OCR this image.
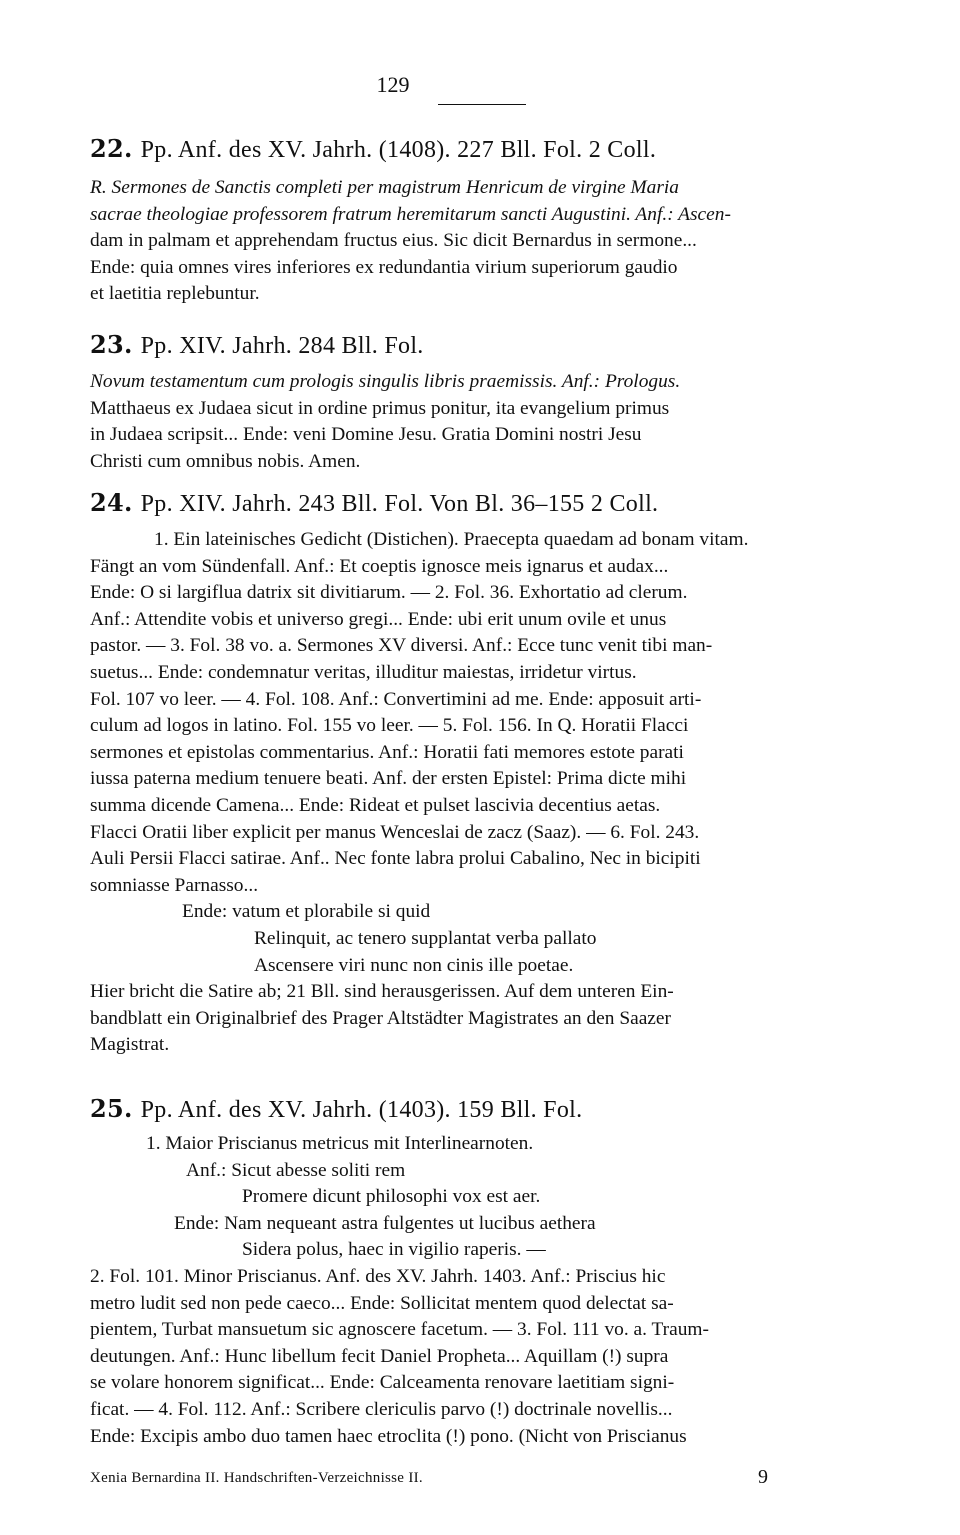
129
22. Pp. Anf. des XV. Jahrh. (1408). 227 Bll. Fol. 2 Coll.
R. Sermones de Sanctis completi per magistrum Henricum de virgine Maria
sacrae theologiae professorem fratrum heremitarum sancti Augustini. Anf.: Ascen-
dam in palmam et apprehendam fructus eius. Sic dicit Bernardus in sermone...
Ende: quia omnes vires inferiores ex redundantia virium superiorum gaudio
et laetitia replebuntur.
23. Pp. XIV. Jahrh. 284 Bll. Fol.
Novum testamentum cum prologis singulis libris praemissis. Anf.: Prologus.
Matthaeus ex Judaea sicut in ordine primus ponitur, ita evangelium primus
in Judaea scripsit... Ende: veni Domine Jesu. Gratia Domini nostri Jesu
Christi cum omnibus nobis. Amen.
24. Pp. XIV. Jahrh. 243 Bll. Fol. Von Bl. 36–155 2 Coll.
1. Ein lateinisches Gedicht (Distichen). Praecepta quaedam ad bonam vitam.
Fängt an vom Sündenfall. Anf.: Et coeptis ignosce meis ignarus et audax...
Ende: O si largiflua datrix sit divitiarum. — 2. Fol. 36. Exhortatio ad clerum.
Anf.: Attendite vobis et universo gregi... Ende: ubi erit unum ovile et unus
pastor. — 3. Fol. 38 vo. a. Sermones XV diversi. Anf.: Ecce tunc venit tibi man-
suetus... Ende: condemnatur veritas, illuditur maiestas, irridetur virtus.
Fol. 107 vo leer. — 4. Fol. 108. Anf.: Convertimini ad me. Ende: apposuit arti-
culum ad logos in latino. Fol. 155 vo leer. — 5. Fol. 156. In Q. Horatii Flacci
sermones et epistolas commentarius. Anf.: Horatii fati memores estote parati
iussa paterna medium tenuere beati. Anf. der ersten Epistel: Prima dicte mihi
summa dicende Camena... Ende: Rideat et pulset lascivia decentius aetas.
Flacci Oratii liber explicit per manus Wenceslai de zacz (Saaz). — 6. Fol. 243.
Auli Persii Flacci satirae. Anf.. Nec fonte labra prolui Cabalino, Nec in bicipiti
somniasse Parnasso...
Ende: vatum et plorabile si quid
Relinquit, ac tenero supplantat verba pallato
Ascensere viri nunc non cinis ille poetae.
Hier bricht die Satire ab; 21 Bll. sind herausgerissen. Auf dem unteren Ein-
bandblatt ein Originalbrief des Prager Altstädter Magistrates an den Saazer
Magistrat.
25. Pp. Anf. des XV. Jahrh. (1403). 159 Bll. Fol.
1. Maior Priscianus metricus mit Interlinearnoten.
Anf.: Sicut abesse soliti rem
Promere dicunt philosophi vox est aer.
Ende: Nam nequeant astra fulgentes ut lucibus aethera
Sidera polus, haec in vigilio raperis. —
2. Fol. 101. Minor Priscianus. Anf. des XV. Jahrh. 1403. Anf.: Priscius hic
metro ludit sed non pede caeco... Ende: Sollicitat mentem quod delectat sa-
pientem, Turbat mansuetum sic agnoscere facetum. — 3. Fol. 111 vo. a. Traum-
deutungen. Anf.: Hunc libellum fecit Daniel Propheta... Aquillam (!) supra
se volare honorem significat... Ende: Calceamenta renovare laetitiam signi-
ficat. — 4. Fol. 112. Anf.: Scribere clericulis parvo (!) doctrinale novellis...
Ende: Excipis ambo duo tamen haec etroclita (!) pono. (Nicht von Priscianus
Xenia Bernardina II. Handschriften-Verzeichnisse II.	9
